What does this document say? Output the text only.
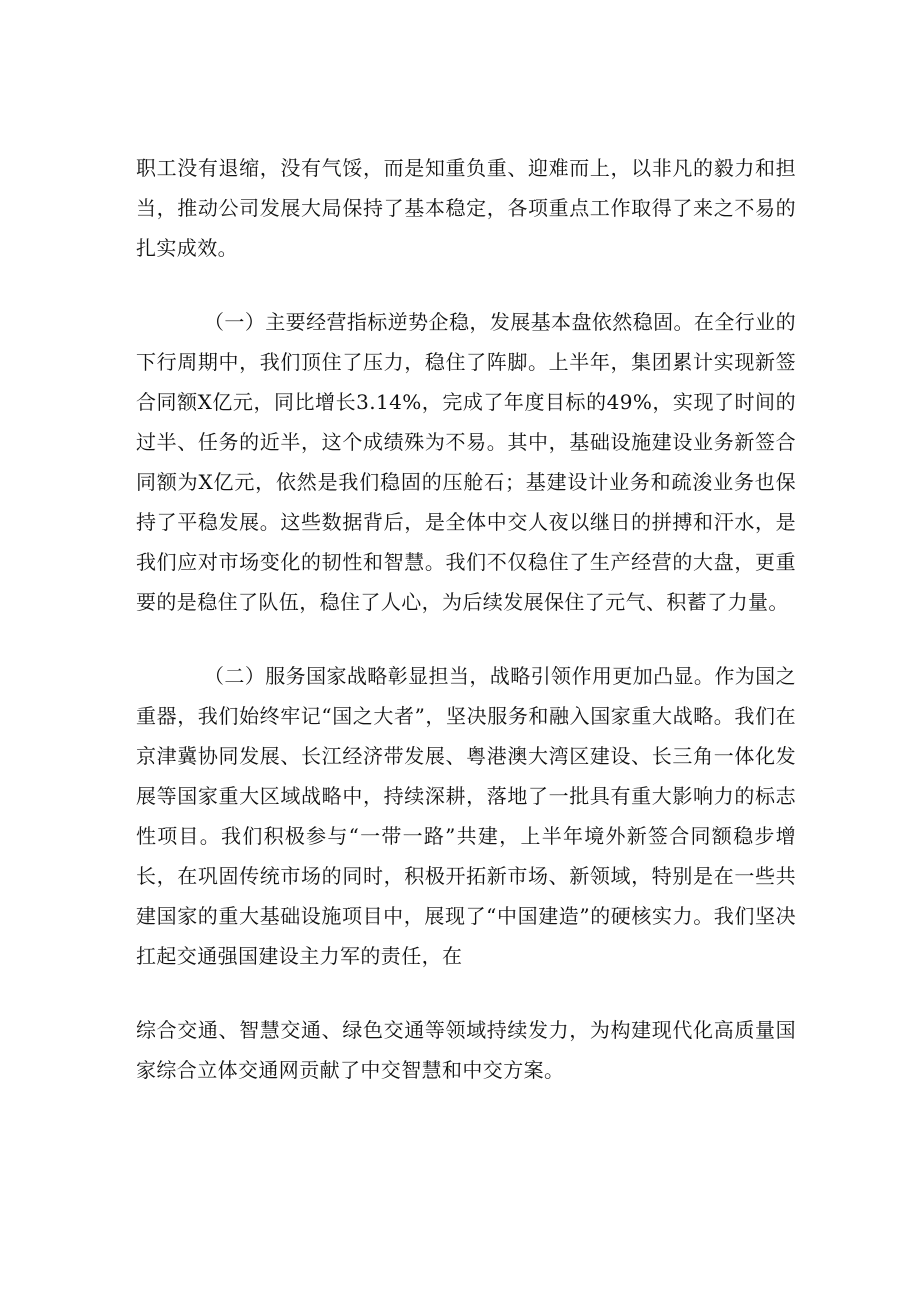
职工没有退缩，没有气馁，而是知重负重、迎难而上，以非凡的毅力和担当，推动公司发展大局保持了基本稳定，各项重点工作取得了来之不易的扎实成效。

（一）主要经营指标逆势企稳，发展基本盘依然稳固。在全行业的下行周期中，我们顶住了压力，稳住了阵脚。上半年，集团累计实现新签合同额X亿元，同比增长3.14%，完成了年度目标的49%，实现了时间的过半、任务的近半，这个成绩殊为不易。其中，基础设施建设业务新签合同额为X亿元，依然是我们稳固的压舱石；基建设计业务和疏浚业务也保持了平稳发展。这些数据背后，是全体中交人夜以继日的拼搏和汗水，是我们应对市场变化的韧性和智慧。我们不仅稳住了生产经营的大盘，更重要的是稳住了队伍，稳住了人心，为后续发展保住了元气、积蓄了力量。

（二）服务国家战略彰显担当，战略引领作用更加凸显。作为国之重器，我们始终牢记“国之大者”，坚决服务和融入国家重大战略。我们在京津冀协同发展、长江经济带发展、粤港澳大湾区建设、长三角一体化发展等国家重大区域战略中，持续深耕，落地了一批具有重大影响力的标志性项目。我们积极参与“一带一路”共建，上半年境外新签合同额稳步增长，在巩固传统市场的同时，积极开拓新市场、新领域，特别是在一些共建国家的重大基础设施项目中，展现了“中国建造”的硬核实力。我们坚决扛起交通强国建设主力军的责任，在

综合交通、智慧交通、绿色交通等领域持续发力，为构建现代化高质量国家综合立体交通网贡献了中交智慧和中交方案。
